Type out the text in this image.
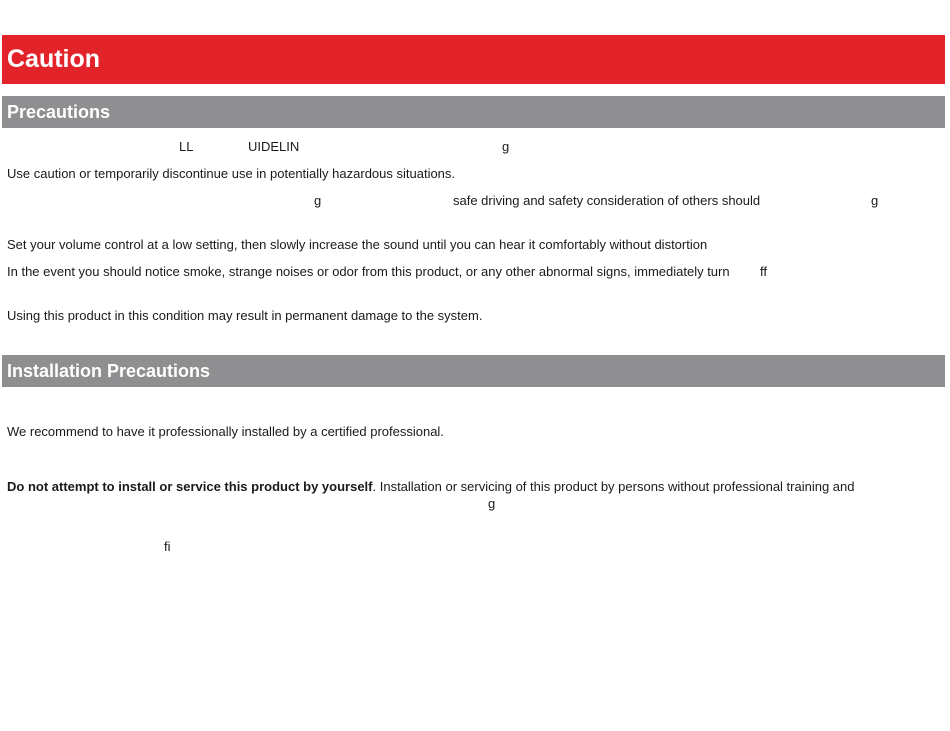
Caution
Precautions
LL	UIDELIN	g
Use caution or temporarily discontinue use in potentially hazardous situations.
g	safe driving and safety consideration of others should	g
Set your volume control at a low setting, then slowly increase the sound until you can hear it comfortably without distortion
In the event you should notice smoke, strange noises or odor from this product, or any other abnormal signs, immediately turn ff
Using this product in this condition may result in permanent damage to the system.
Installation Precautions
We recommend to have it professionally installed by a certified professional.
Do not attempt to install or service this product by yourself. Installation or servicing of this product by persons without professional training and
g
fi
